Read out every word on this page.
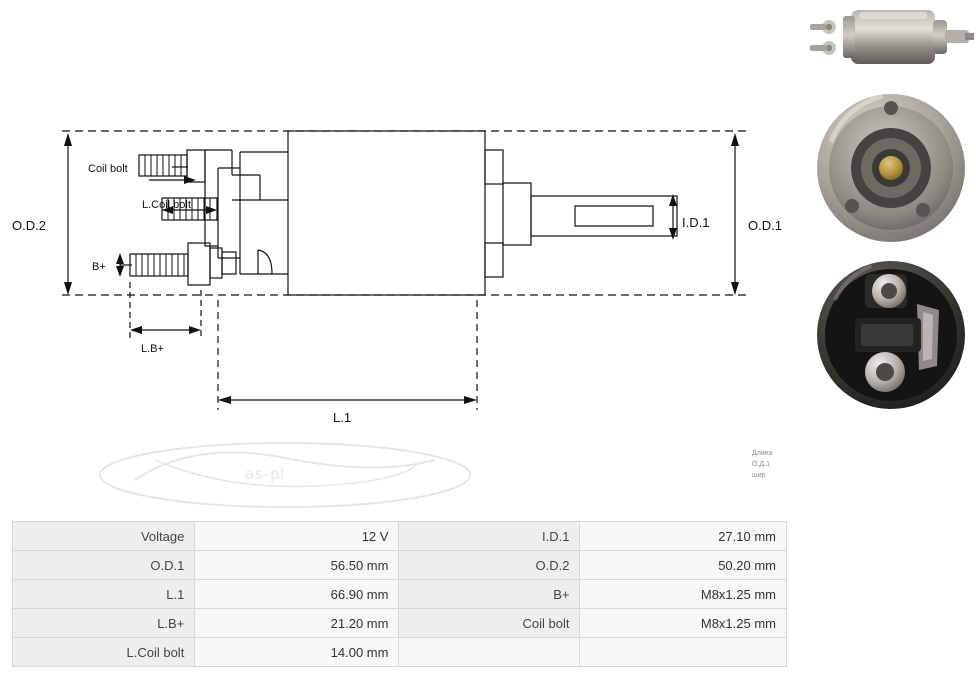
O.D.2	O.D.1
I.D.1
L.1
L.B+
B+
Coil bolt
L.Coil bolt
as-pl
Длина
О.Д.1
шир
Voltage	12 V	I.D.1	27.10 mm
O.D.1	56.50 mm	O.D.2	50.20 mm
L.1	66.90 mm	B+	M8x1.25 mm
L.B+	21.20 mm	Coil bolt	M8x1.25 mm
L.Coil bolt	14.00 mm		
